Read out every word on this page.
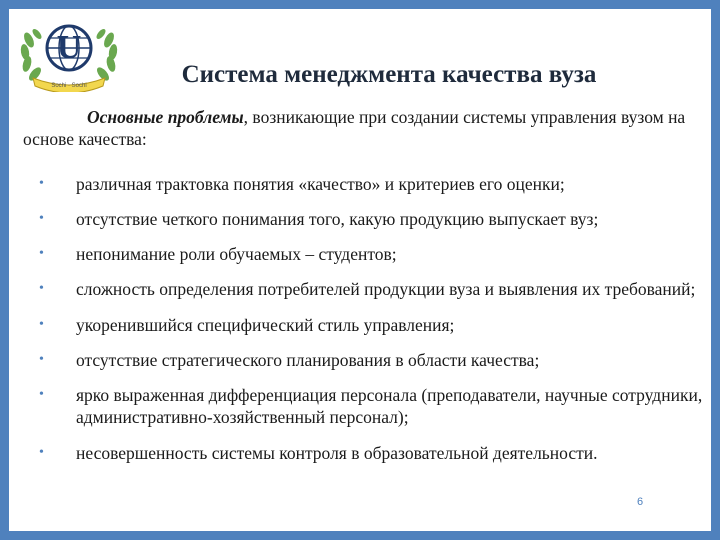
U
Sochi · Sochi	Система менеджмента качества вуза
Основные проблемы, возникающие при создании системы управления вузом на основе качества:
• различная трактовка понятия «качество» и критериев его оценки;
• отсутствие четкого понимания того, какую продукцию выпускает вуз;
• непонимание роли обучаемых – студентов;
• сложность определения потребителей продукции вуза и выявления их требований;
• укоренившийся специфический стиль управления;
• отсутствие стратегического планирования в области качества;
• ярко выраженная дифференциация персонала (преподаватели, научные сотрудники, административно-хозяйственный персонал);
• несовершенность системы контроля в образовательной деятельности.
6
